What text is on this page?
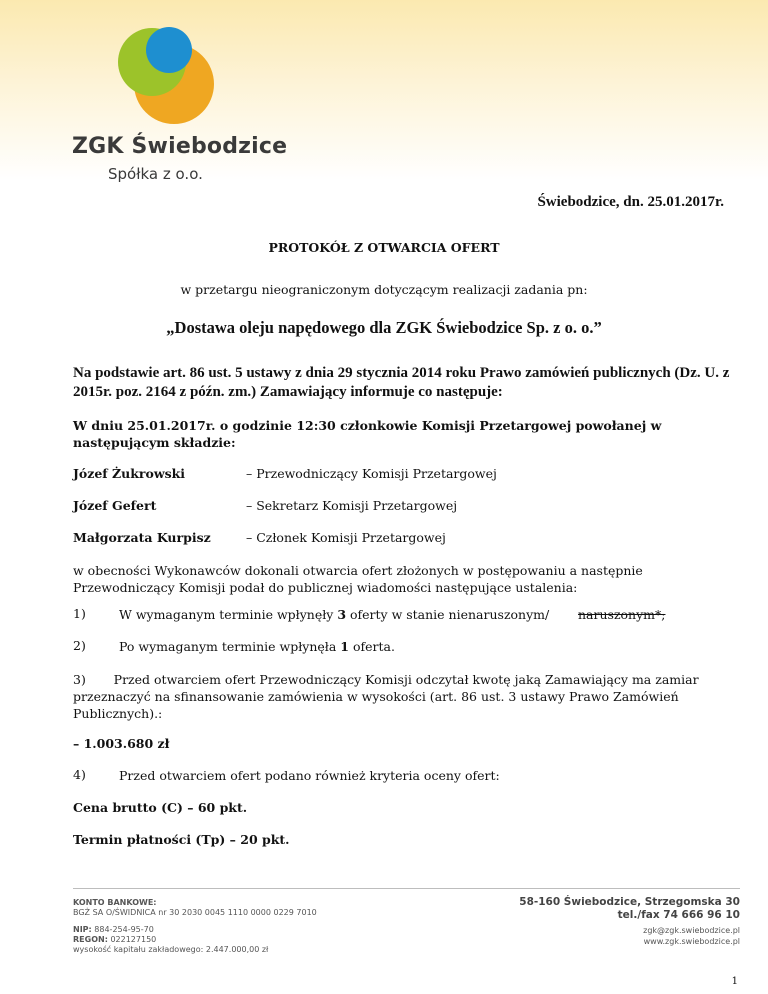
ZGK Świebodzice
Spółka z o.o.
Świebodzice, dn. 25.01.2017r.
PROTOKÓŁ Z OTWARCIA OFERT
w przetargu nieograniczonym dotyczącym realizacji zadania pn:
„Dostawa oleju napędowego dla ZGK Świebodzice Sp. z o. o.”
Na podstawie art. 86 ust. 5 ustawy z dnia 29 stycznia 2014 roku Prawo zamówień publicznych (Dz. U. z 2015r. poz. 2164 z późn. zm.) Zamawiający informuje co następuje:
W dniu 25.01.2017r. o godzinie 12:30 członkowie Komisji Przetargowej powołanej w następującym składzie:
Józef Żukrowski	– Przewodniczący Komisji Przetargowej
Józef Gefert	– Sekretarz Komisji Przetargowej
Małgorzata Kurpisz	– Członek Komisji Przetargowej
w obecności Wykonawców dokonali otwarcia ofert złożonych w postępowaniu a następnie Przewodniczący Komisji podał do publicznej wiadomości następujące ustalenia:
1)	W wymaganym terminie wpłynęły 3 oferty w stanie nienaruszonym/ naruszonym*;
2)	Po wymaganym terminie wpłynęła 1 oferta.
3) Przed otwarciem ofert Przewodniczący Komisji odczytał kwotę jaką Zamawiający ma zamiar przeznaczyć na sfinansowanie zamówienia w wysokości (art. 86 ust. 3 ustawy Prawo Zamówień Publicznych).:
– 1.003.680 zł
4)	Przed otwarciem ofert podano również kryteria oceny ofert:
Cena brutto (C) – 60 pkt.
Termin płatności (Tp) – 20 pkt.
KONTO BANKOWE:
BGŻ SA O/ŚWIDNICA nr 30 2030 0045 1110 0000 0229 7010
NIP: 884-254-95-70
REGON: 022127150
wysokość kapitału zakładowego: 2.447.000,00 zł
58-160 Świebodzice, Strzegomska 30
tel./fax 74 666 96 10
zgk@zgk.swiebodzice.pl
www.zgk.swiebodzice.pl
1
